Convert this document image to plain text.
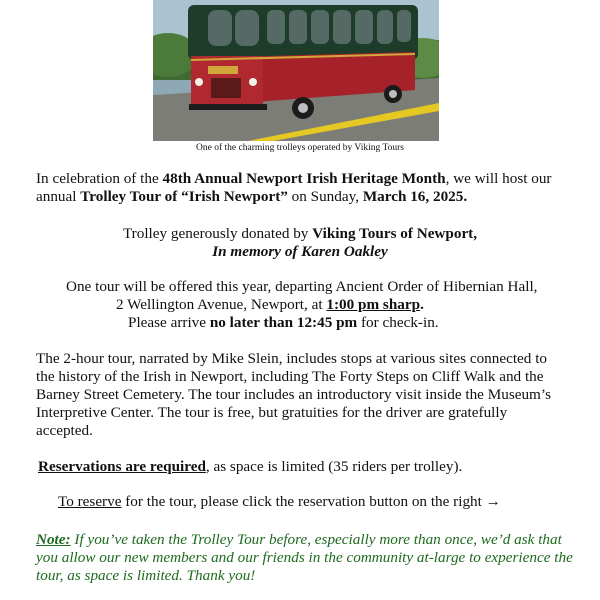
One of the charming trolleys operated by Viking Tours

In celebration of the 48th Annual Newport Irish Heritage Month, we will host our annual Trolley Tour of “Irish Newport” on Sunday, March 16, 2025.

Trolley generously donated by Viking Tours of Newport,
In memory of Karen Oakley

One tour will be offered this year, departing Ancient Order of Hibernian Hall,
2 Wellington Avenue, Newport, at 1:00 pm sharp.
Please arrive no later than 12:45 pm for check-in.

The 2-hour tour, narrated by Mike Slein, includes stops at various sites connected to the history of the Irish in Newport, including The Forty Steps on Cliff Walk and the Barney Street Cemetery. The tour includes an introductory visit inside the Museum’s Interpretive Center. The tour is free, but gratuities for the driver are gratefully accepted.

Reservations are required, as space is limited (35 riders per trolley).

To reserve for the tour, please click the reservation button on the right →

Note: If you’ve taken the Trolley Tour before, especially more than once, we’d ask that you allow our new members and our friends in the community at-large to experience the tour, as space is limited. Thank you!
